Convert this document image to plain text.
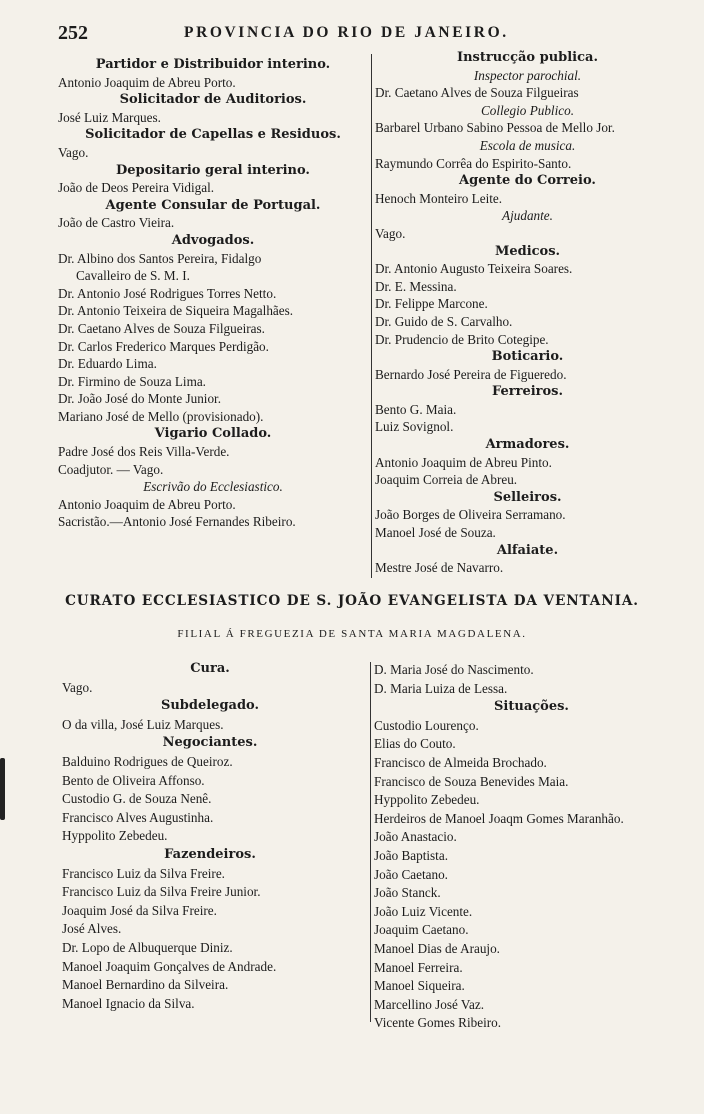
252	PROVINCIA DO RIO DE JANEIRO.
Partidor e Distribuidor interino.
Antonio Joaquim de Abreu Porto.
Solicitador de Auditorios.
José Luiz Marques.
Solicitador de Capellas e Residuos.
Vago.
Depositario geral interino.
João de Deos Pereira Vidigal.
Agente Consular de Portugal.
João de Castro Vieira.
Advogados.
Dr. Albino dos Santos Pereira, Fidalgo
Cavalleiro de S. M. I.
Dr. Antonio José Rodrigues Torres Netto.
Dr. Antonio Teixeira de Siqueira Magalhães.
Dr. Caetano Alves de Souza Filgueiras.
Dr. Carlos Frederico Marques Perdigão.
Dr. Eduardo Lima.
Dr. Firmino de Souza Lima.
Dr. João José do Monte Junior.
Mariano José de Mello (provisionado).
Vigario Collado.
Padre José dos Reis Villa-Verde.
Coadjutor. — Vago.
Escrivão do Ecclesiastico.
Antonio Joaquim de Abreu Porto.
Sacristão.—Antonio José Fernandes Ribeiro.
Instrucção publica.
Inspector parochial.
Dr. Caetano Alves de Souza Filgueiras
Collegio Publico.
Barbarel Urbano Sabino Pessoa de Mello Jor.
Escola de musica.
Raymundo Corrêa do Espirito-Santo.
Agente do Correio.
Henoch Monteiro Leite.
Ajudante.
Vago.
Medicos.
Dr. Antonio Augusto Teixeira Soares.
Dr. E. Messina.
Dr. Felippe Marcone.
Dr. Guido de S. Carvalho.
Dr. Prudencio de Brito Cotegipe.
Boticario.
Bernardo José Pereira de Figueredo.
Ferreiros.
Bento G. Maia.
Luiz Sovignol.
Armadores.
Antonio Joaquim de Abreu Pinto.
Joaquim Correia de Abreu.
Selleiros.
João Borges de Oliveira Serramano.
Manoel José de Souza.
Alfaiate.
Mestre José de Navarro.
CURATO ECCLESIASTICO DE S. JOÃO EVANGELISTA DA VENTANIA.
FILIAL Á FREGUEZIA DE SANTA MARIA MAGDALENA.
Cura.
Vago.
Subdelegado.
O da villa, José Luiz Marques.
Negociantes.
Balduino Rodrigues de Queiroz.
Bento de Oliveira Affonso.
Custodio G. de Souza Nenê.
Francisco Alves Augustinha.
Hyppolito Zebedeu.
Fazendeiros.
Francisco Luiz da Silva Freire.
Francisco Luiz da Silva Freire Junior.
Joaquim José da Silva Freire.
José Alves.
Dr. Lopo de Albuquerque Diniz.
Manoel Joaquim Gonçalves de Andrade.
Manoel Bernardino da Silveira.
Manoel Ignacio da Silva.
D. Maria José do Nascimento.
D. Maria Luiza de Lessa.
Situações.
Custodio Lourenço.
Elias do Couto.
Francisco de Almeida Brochado.
Francisco de Souza Benevides Maia.
Hyppolito Zebedeu.
Herdeiros de Manoel Joaqm Gomes Maranhão.
João Anastacio.
João Baptista.
João Caetano.
João Stanck.
João Luiz Vicente.
Joaquim Caetano.
Manoel Dias de Araujo.
Manoel Ferreira.
Manoel Siqueira.
Marcellino José Vaz.
Vicente Gomes Ribeiro.
